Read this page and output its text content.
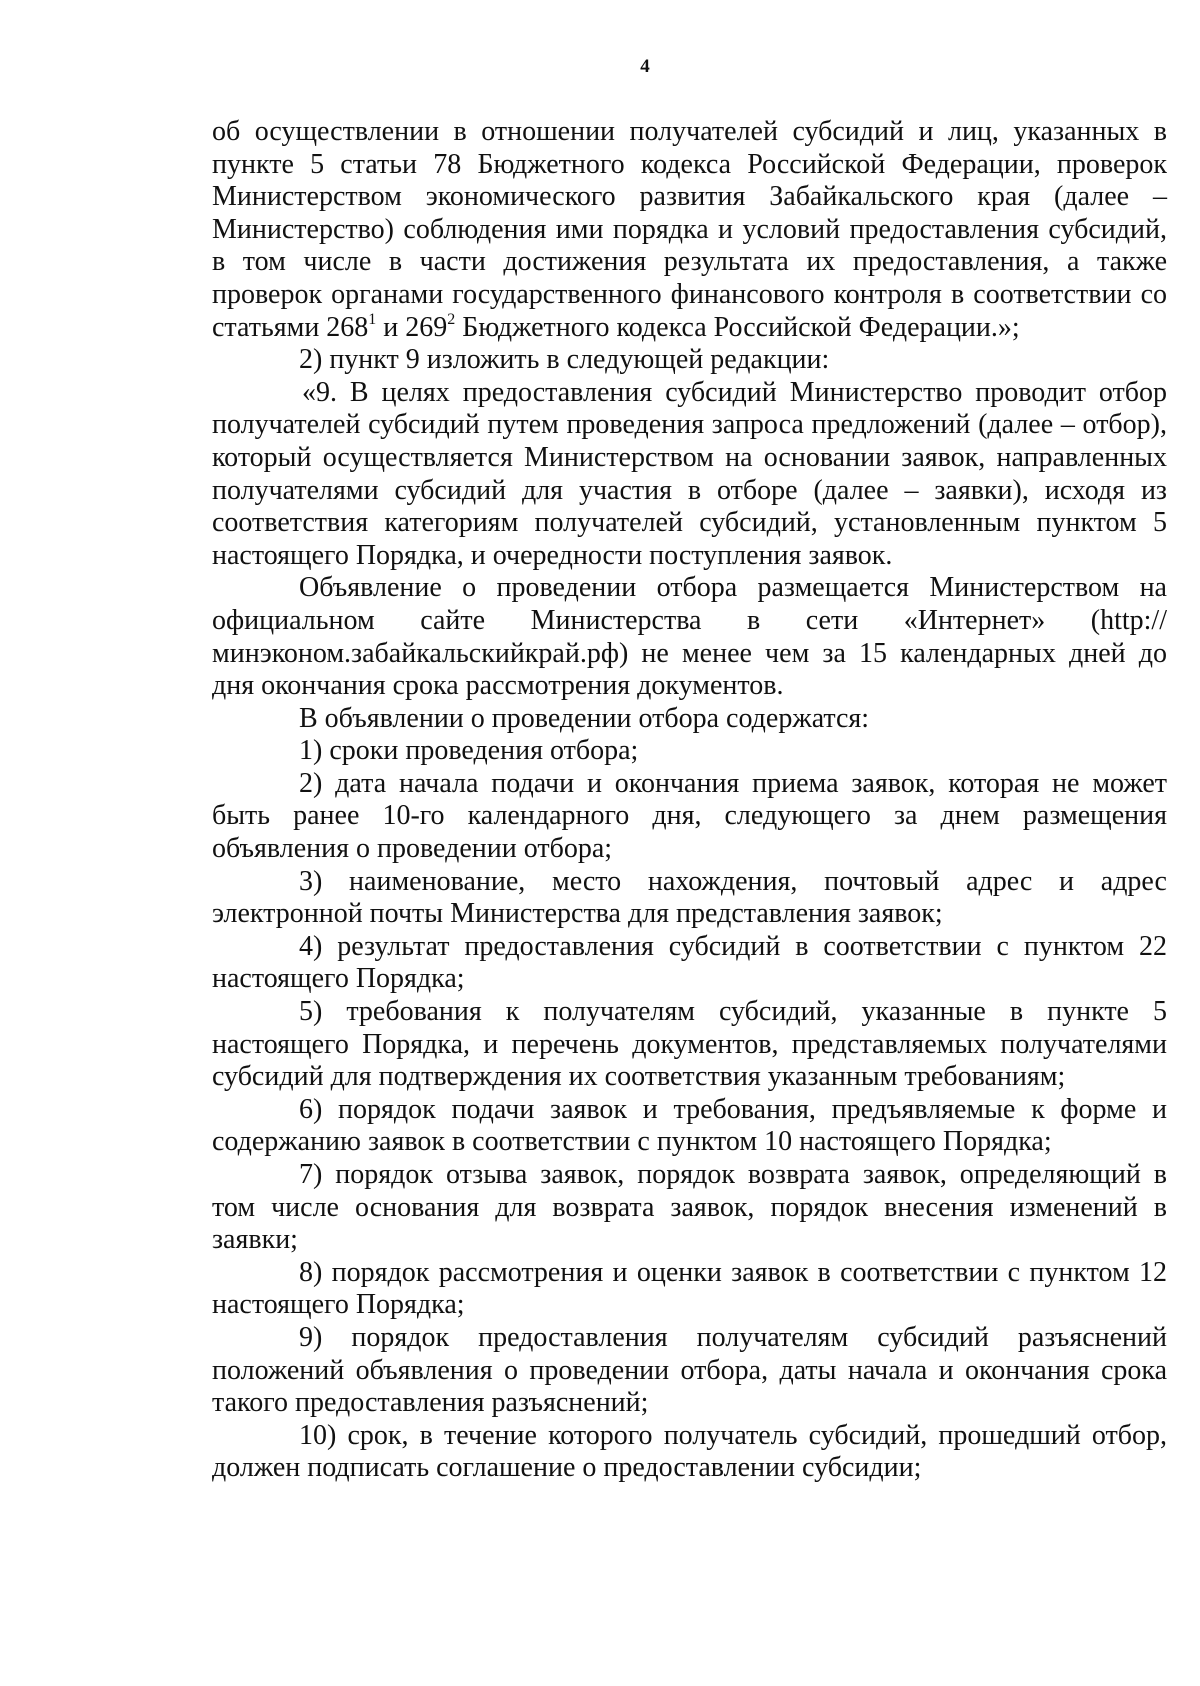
4

об осуществлении в отношении получателей субсидий и лиц, указанных в пункте 5 статьи 78 Бюджетного кодекса Российской Федерации, проверок Министерством экономического развития Забайкальского края (далее – Министерство) соблюдения ими порядка и условий предоставления субсидий, в том числе в части достижения результата их предоставления, а также проверок органами государственного финансового контроля в соответствии со статьями $268^1$ и $269^2$ Бюджетного кодекса Российской Федерации.»;

2) пункт 9 изложить в следующей редакции:

«9. В целях предоставления субсидий Министерство проводит отбор получателей субсидий путем проведения запроса предложений (далее – отбор), который осуществляется Министерством на основании заявок, направленных получателями субсидий для участия в отборе (далее – заявки), исходя из соответствия категориям получателей субсидий, установленным пунктом 5 настоящего Порядка, и очередности поступления заявок.

Объявление о проведении отбора размещается Министерством на официальном сайте Министерства в сети «Интернет» (http://минэконом.забайкальскийкрай.рф) не менее чем за 15 календарных дней до дня окончания срока рассмотрения документов.

В объявлении о проведении отбора содержатся:

1) сроки проведения отбора;

2) дата начала подачи и окончания приема заявок, которая не может быть ранее 10-го календарного дня, следующего за днем размещения объявления о проведении отбора;

3) наименование, место нахождения, почтовый адрес и адрес электронной почты Министерства для представления заявок;

4) результат предоставления субсидий в соответствии с пунктом 22 настоящего Порядка;

5) требования к получателям субсидий, указанные в пункте 5 настоящего Порядка, и перечень документов, представляемых получателями субсидий для подтверждения их соответствия указанным требованиям;

6) порядок подачи заявок и требования, предъявляемые к форме и содержанию заявок в соответствии с пунктом 10 настоящего Порядка;

7) порядок отзыва заявок, порядок возврата заявок, определяющий в том числе основания для возврата заявок, порядок внесения изменений в заявки;

8) порядок рассмотрения и оценки заявок в соответствии с пунктом 12 настоящего Порядка;

9) порядок предоставления получателям субсидий разъяснений положений объявления о проведении отбора, даты начала и окончания срока такого предоставления разъяснений;

10) срок, в течение которого получатель субсидий, прошедший отбор, должен подписать соглашение о предоставлении субсидии;
